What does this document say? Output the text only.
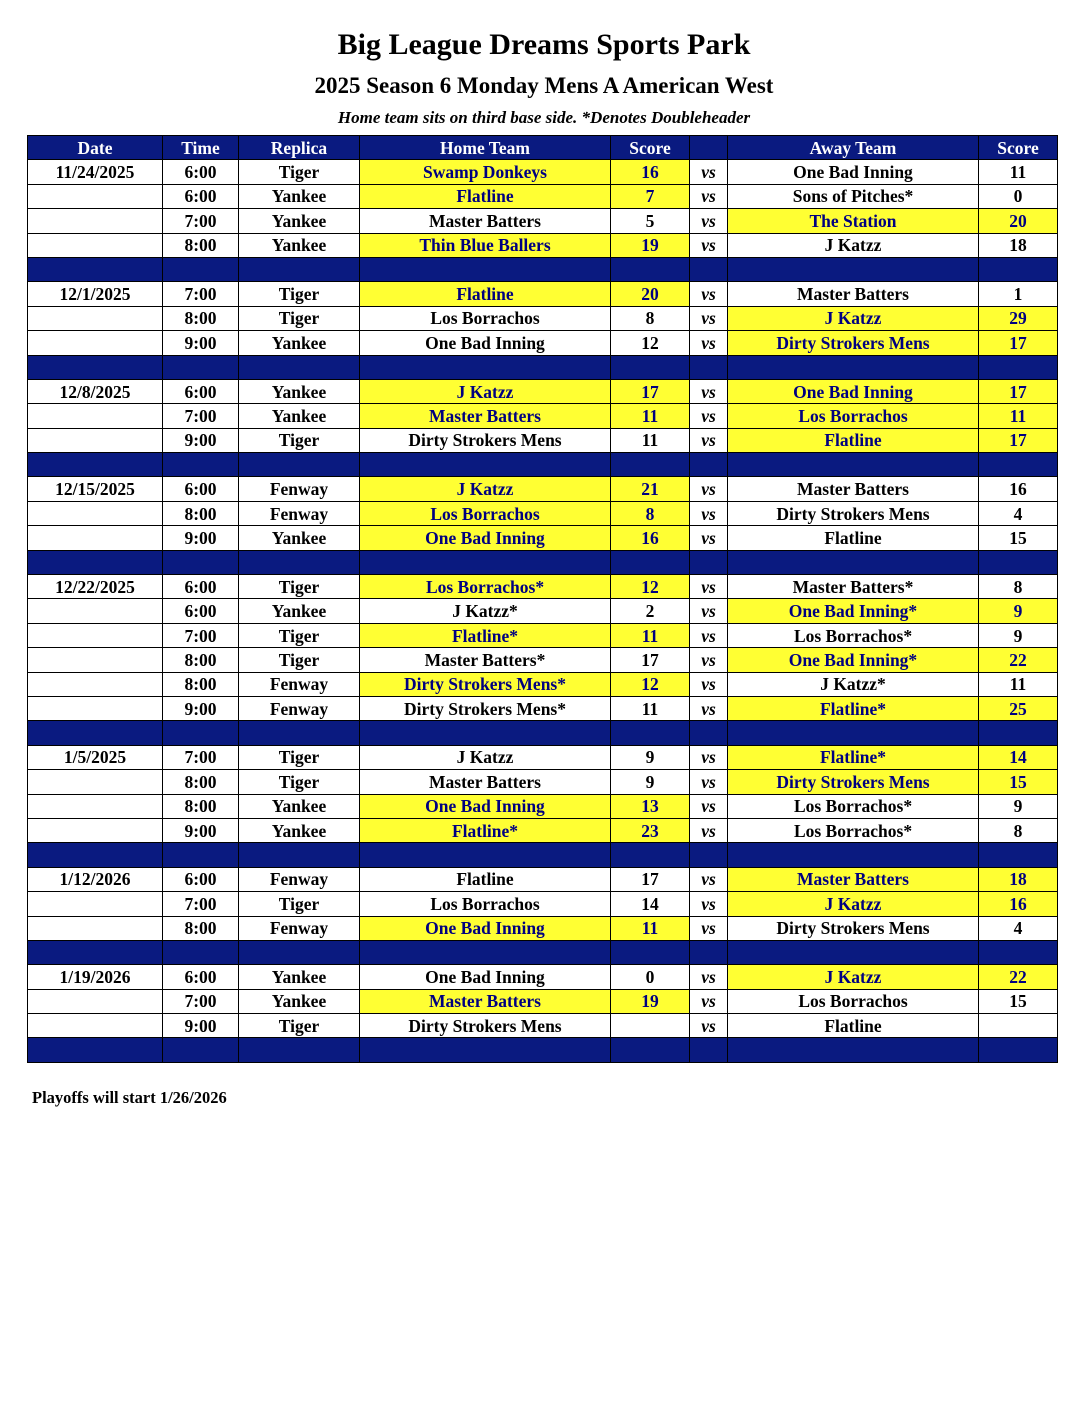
Big League Dreams Sports Park
2025 Season 6 Monday Mens A American West
Home team sits on third base side. *Denotes Doubleheader
Date	Time	Replica	Home Team	Score		Away Team	Score
11/24/2025	6:00	Tiger	Swamp Donkeys	16	vs	One Bad Inning	11
	6:00	Yankee	Flatline	7	vs	Sons of Pitches*	0
	7:00	Yankee	Master Batters	5	vs	The Station	20
	8:00	Yankee	Thin Blue Ballers	19	vs	J Katzz	18

12/1/2025	7:00	Tiger	Flatline	20	vs	Master Batters	1
	8:00	Tiger	Los Borrachos	8	vs	J Katzz	29
	9:00	Yankee	One Bad Inning	12	vs	Dirty Strokers Mens	17

12/8/2025	6:00	Yankee	J Katzz	17	vs	One Bad Inning	17
	7:00	Yankee	Master Batters	11	vs	Los Borrachos	11
	9:00	Tiger	Dirty Strokers Mens	11	vs	Flatline	17

12/15/2025	6:00	Fenway	J Katzz	21	vs	Master Batters	16
	8:00	Fenway	Los Borrachos	8	vs	Dirty Strokers Mens	4
	9:00	Yankee	One Bad Inning	16	vs	Flatline	15

12/22/2025	6:00	Tiger	Los Borrachos*	12	vs	Master Batters*	8
	6:00	Yankee	J Katzz*	2	vs	One Bad Inning*	9
	7:00	Tiger	Flatline*	11	vs	Los Borrachos*	9
	8:00	Tiger	Master Batters*	17	vs	One Bad Inning*	22
	8:00	Fenway	Dirty Strokers Mens*	12	vs	J Katzz*	11
	9:00	Fenway	Dirty Strokers Mens*	11	vs	Flatline*	25

1/5/2025	7:00	Tiger	J Katzz	9	vs	Flatline*	14
	8:00	Tiger	Master Batters	9	vs	Dirty Strokers Mens	15
	8:00	Yankee	One Bad Inning	13	vs	Los Borrachos*	9
	9:00	Yankee	Flatline*	23	vs	Los Borrachos*	8

1/12/2026	6:00	Fenway	Flatline	17	vs	Master Batters	18
	7:00	Tiger	Los Borrachos	14	vs	J Katzz	16
	8:00	Fenway	One Bad Inning	11	vs	Dirty Strokers Mens	4

1/19/2026	6:00	Yankee	One Bad Inning	0	vs	J Katzz	22
	7:00	Yankee	Master Batters	19	vs	Los Borrachos	15
	9:00	Tiger	Dirty Strokers Mens		vs	Flatline	

Playoffs will start 1/26/2026
